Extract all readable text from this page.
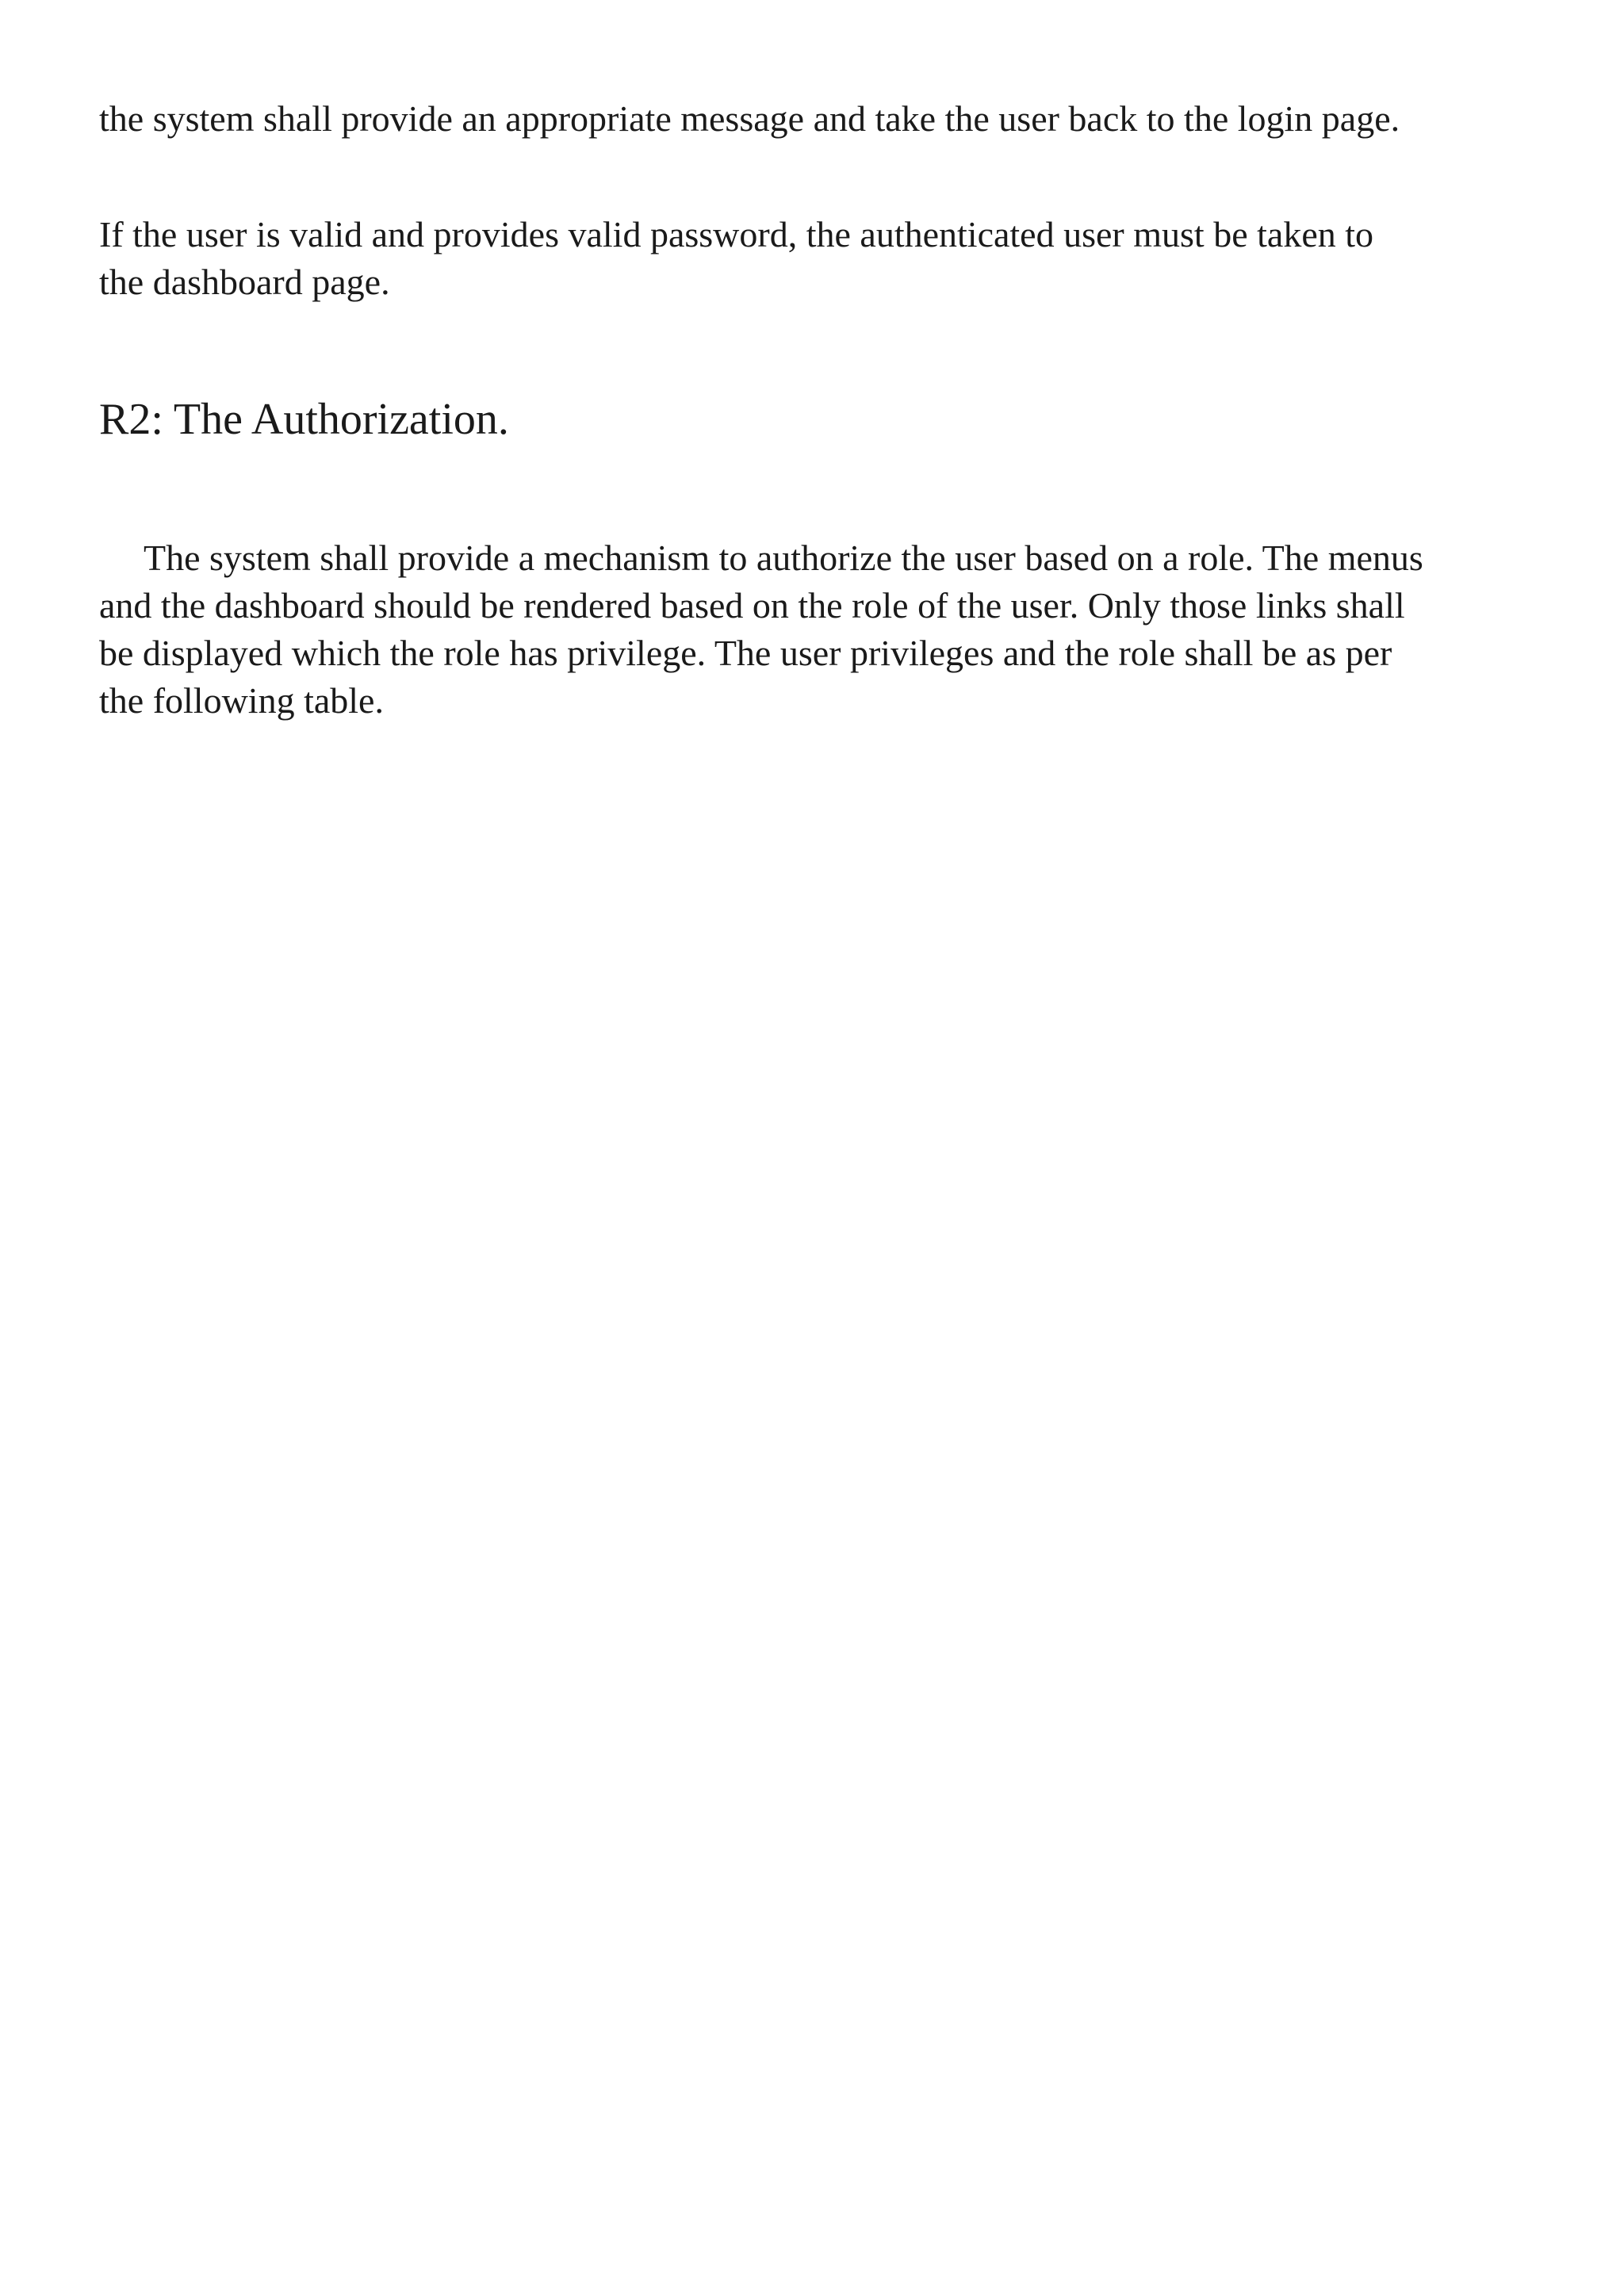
the system shall provide an appropriate message and take the user back to the login page.
If the user is valid and provides valid password, the authenticated user must be taken to
the dashboard page.
R2: The Authorization.
The system shall provide a mechanism to authorize the user based on a role. The menus
and the dashboard should be rendered based on the role of the user. Only those links shall
be displayed which the role has privilege. The user privileges and the role shall be as per
the following table.
